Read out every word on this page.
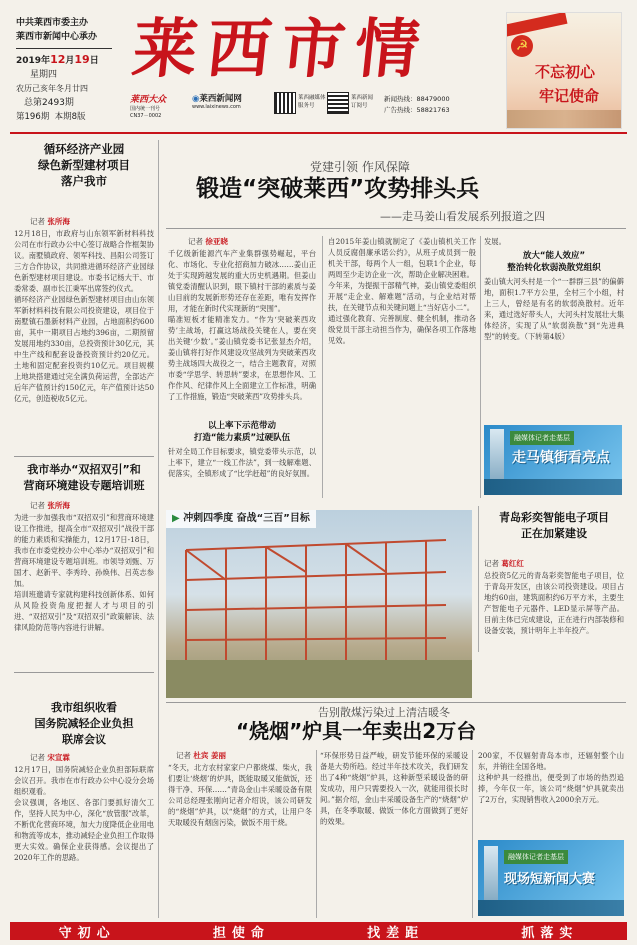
中共莱西市委主办
莱西市新闻中心承办
2019年12月19日
星期四
农历己亥年冬月廿四
总第2493期
第196期 本期8版
莱西市情
莱西大众
国内统一刊号
CN37－0002
◉莱西新闻网
www.laixinews.com
莱西融媒体
服务号
莱西新闻
订阅号
新闻热线：88479000
广告热线：58821763
☭
不忘初心
牢记使命
循环经济产业园
绿色新型建材项目
落户我市
记者 张所海
12月18日，市政府与山东领军新材料科技公司在市行政办公中心签订战略合作框架协议。南墅镇政府、领军科技、昌阳公司签订三方合作协议，共同推进循环经济产业园绿色新型建材项目建设。市委书记杨大干、市委常委、副市长江秉军出席签约仪式。
循环经济产业园绿色新型建材项目由山东领军新材料科技有限公司投资建设，项目位于南墅镇石墨新材料产业园，占地面积约600亩，其中一期项目占地约396亩，二期预留发展用地约330亩，总投资预计30亿元，其中生产线和配套设备投资预计约20亿元。土地和固定配套投资约10亿元。项目规模上地块搭建通过完全满负荷运营，全部达产后年产值预计约150亿元，年产值预计达50亿元，创造税收5亿元。
我市举办“双招双引”和
营商环境建设专题培训班
记者 张所海
为进一步加强我市“双招双引”和营商环境建设工作推进，提高全市“双招双引”战役干部的能力素质和实操能力，12月17日-18日，我市在市委党校办公中心举办“双招双引”和营商环境建设专题培训班。市领导刘甄、万国才、赵新平、李秀玲、孙焕伟、吕英志参加。
培训班邀请专家就构建科技创新体系、如何从风险投资角度把握人才与项目的引进、“双招双引”及“双招双引”政策解读、法律风险防范等内容进行讲解。
我市组织收看
国务院减轻企业负担
联席会议
记者 宋宣霖
12月17日，国务院减轻企业负担部际联席会议召开。我市在市行政办公中心设分会场组织观看。
会议强调，各地区、各部门要抓好清欠工作，坚持人民为中心，深化“放管服”改革，不断优化营商环境，加大力度降低企业用电和物流等成本，推动减轻企业负担工作取得更大实效。确保企业获得感。会议提出了2020年工作的思路。
党建引领 作风保障
锻造“突破莱西”攻势排头兵
——走马姜山看发展系列报道之四
记者 徐亚晓
千亿级新能源汽车产业集群强势崛起，平台化、市场化、专业化招商加力破冰……姜山正处于实现跨越发展的重大历史机遇期。但姜山镇党委清醒认识到，眼下镇村干部的素质与姜山目前的发展新形势还存在差距，唯有发挥作用，才能在新时代实现新的“突围”。
瞄准短板才能精准发力。“作为‘突破莱西攻势’主战场，打赢这场战役关键在人，要在突出关键‘少数’。”姜山镇党委书记张显杰介绍，姜山镇将打好作风建设攻坚战列为突破莱西攻势主战场四大战役之一，结合主题教育，对照市委“学思学、转思转”要求，在思想作风、工作作风、纪律作风上全面建立工作标准，明确了工作措施，锻造“突破莱西”攻势排头兵。
以上率下示范带动
打造“能力素质”过硬队伍
针对全局工作目标要求，镇党委带头示范，以上率下，建立“一线工作法”，到一线解难题、促落实，全镇形成了“比学赶超”的良好氛围。
自2015年姜山镇就制定了《姜山镇机关工作人员反腐倡廉承诺公约》，从班子成员到一般机关干部，每两个人一组，包联1个企业，每两周至少走访企业一次，帮助企业解决困难。
今年来，为提振干部精气神，姜山镇党委组织开展“走企业、解难题”活动，与企业结对帮扶，在关键节点和关键问题上“当好店小二”。
通过强化教育、完善制度、健全机制，推动各级党员干部主动担当作为，确保各项工作落地见效。
发展。
放大“能人效应”
整治转化软弱涣散党组织
姜山镇大河头村是一个“一群群三县”的偏僻地，面积1.7平方公里，全村三个小组，村上三人，曾经是有名的软弱涣散村。近年来，通过选好带头人，大河头村发展壮大集体经济，实现了从“软弱涣散”到“先进典型”的转变。（下转第4版）
融媒体记者走基层
走马镇街看亮点
▶ 冲刺四季度 奋战“三百”目标	青岛彩奕智能电子项目
正在加紧建设
记者 葛红红
总投资5亿元的青岛彩奕智能电子项目，位于青岛开发区，由该公司投资建设。项目占地约60亩，建筑面积约6万平方米，主要生产智能电子元器件、LED显示屏等产品。目前主体已完成建设，正在进行内部装修和设备安装，预计明年上半年投产。
告别散煤污染过上清洁暖冬
“烧烟”炉具一年卖出2万台
记者 杜宾 姜丽
“冬天，北方农村家家户户都烧煤、柴火，我们要让‘烧烟’的炉具，既能取暖又能做饭，还得干净、环保……”青岛金山丰采暖设备有限公司总经理张刚向记者介绍说，该公司研发的“烧烟”炉具，以“烧烟”的方式，让用户冬天取暖没有烟囱污染，做饭不用干烧。
“环保形势日益严峻，研发节能环保的采暖设备是大势所趋。经过半年技术攻关，我们研发出了4种“烧烟”炉具，这种新型采暖设备的研发成功，用户只需要投入一次，就能用很长时间。”据介绍，金山丰采暖设备生产的“烧烟”炉具，在冬季取暖、做饭一体化方面做到了更好的效果。
200家，不仅辐射青岛本市，还辐射整个山东，并销往全国各地。
这种炉具一经推出，便受到了市场的热烈追捧，今年仅一年，该公司“烧烟”炉具就卖出了2万台，实现销售收入2000余万元。
融媒体记者走基层
现场短新闻大赛
守初心	担使命	找差距	抓落实
